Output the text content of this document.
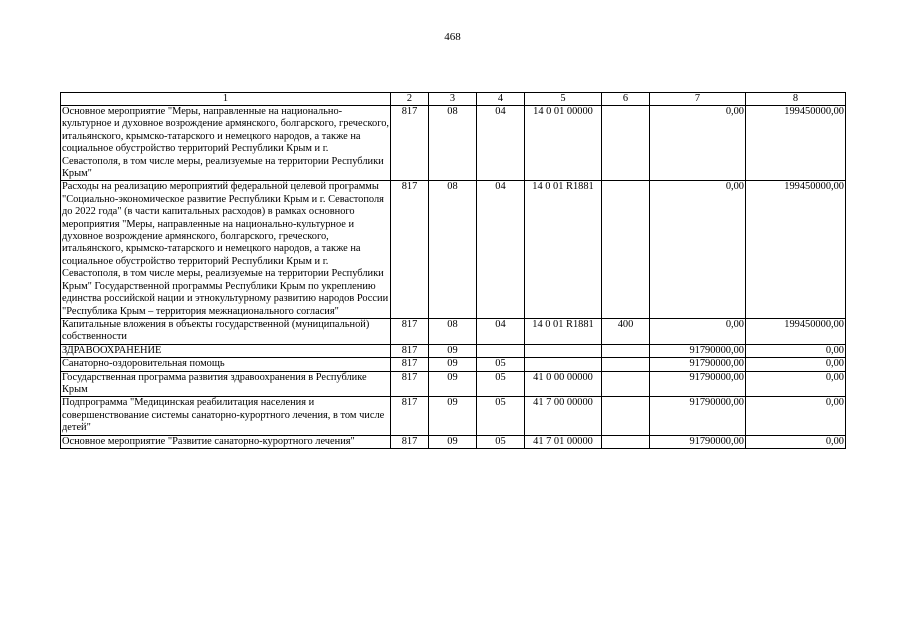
468
1	2	3	4	5	6	7	8
Основное мероприятие "Меры, направленные на национально-культурное и духовное возрождение армянского, болгарского, греческого, итальянского, крымско-татарского и немецкого народов, а также на социальное обустройство территорий Республики Крым и г. Севастополя, в том числе меры, реализуемые на территории Республики Крым"	817	08	04	14 0 01 00000		0,00	199450000,00
Расходы на реализацию мероприятий федеральной целевой программы "Социально-экономическое развитие Республики Крым и г. Севастополя до 2022 года" (в части капитальных расходов) в рамках основного мероприятия "Меры, направленные на национально-культурное и духовное возрождение армянского, болгарского, греческого, итальянского, крымско-татарского и немецкого народов, а также на социальное обустройство территорий Республики Крым и г. Севастополя, в том числе меры, реализуемые на территории Республики Крым" Государственной программы Республики Крым по укреплению единства российской нации и этнокультурному развитию народов России "Республика Крым – территория межнационального согласия"	817	08	04	14 0 01 R1881		0,00	199450000,00
Капитальные вложения в объекты государственной (муниципальной) собственности	817	08	04	14 0 01 R1881	400	0,00	199450000,00
ЗДРАВООХРАНЕНИЕ	817	09				91790000,00	0,00
Санаторно-оздоровительная помощь	817	09	05			91790000,00	0,00
Государственная программа развития здравоохранения в Республике Крым	817	09	05	41 0 00 00000		91790000,00	0,00
Подпрограмма "Медицинская реабилитация населения и совершенствование системы санаторно-курортного лечения, в том числе детей"	817	09	05	41 7 00 00000		91790000,00	0,00
Основное мероприятие "Развитие санаторно-курортного лечения"	817	09	05	41 7 01 00000		91790000,00	0,00
